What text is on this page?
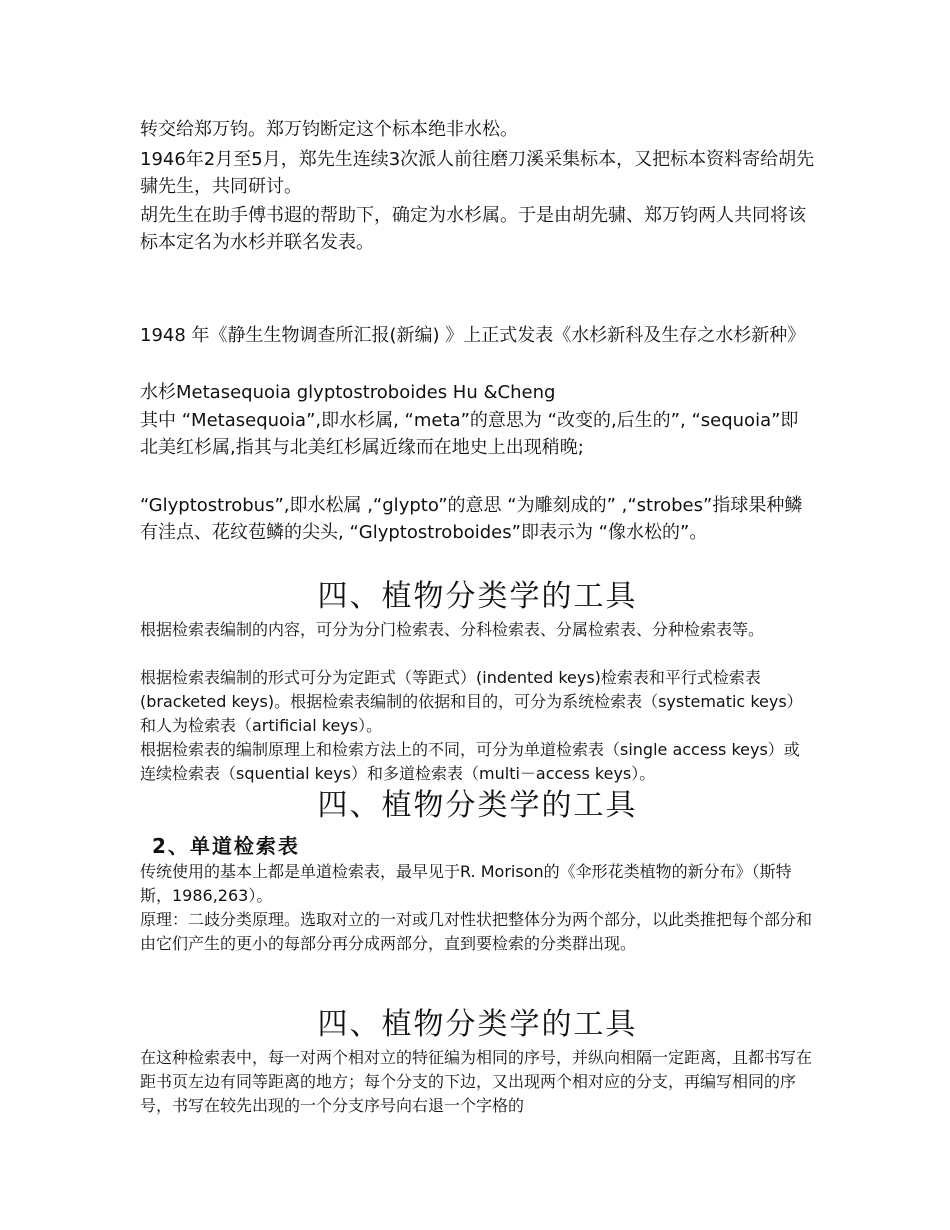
转交给郑万钧。郑万钧断定这个标本绝非水松。

1946年2月至5月，郑先生连续3次派人前往磨刀溪采集标本，又把标本资料寄给胡先骕先生，共同研讨。

胡先生在助手傅书遐的帮助下，确定为水杉属。于是由胡先骕、郑万钧两人共同将该标本定名为水杉并联名发表。

1948 年《静生生物调查所汇报(新编) 》上正式发表《水杉新科及生存之水杉新种》

水杉Metasequoia glyptostroboides Hu &Cheng

其中 “Metasequoia”,即水杉属, “meta”的意思为 “改变的,后生的”, “sequoia”即北美红杉属,指其与北美红杉属近缘而在地史上出现稍晚;

“Glyptostrobus”,即水松属 ,“glypto”的意思 “为雕刻成的” ,“strobes”指球果种鳞有洼点、花纹苞鳞的尖头, “Glyptostroboides”即表示为 “像水松的”。

四、植物分类学的工具

根据检索表编制的内容，可分为分门检索表、分科检索表、分属检索表、分种检索表等。

根据检索表编制的形式可分为定距式（等距式）(indented keys)检索表和平行式检索表(bracketed keys)。根据检索表编制的依据和目的，可分为系统检索表（systematic keys）和人为检索表（artificial keys）。

根据检索表的编制原理上和检索方法上的不同，可分为单道检索表（single access keys）或连续检索表（squential keys）和多道检索表（multi－access keys）。

四、植物分类学的工具
2、单道检索表

传统使用的基本上都是单道检索表，最早见于R. Morison的《伞形花类植物的新分布》（斯特斯，1986,263）。

原理：二歧分类原理。选取对立的一对或几对性状把整体分为两个部分，以此类推把每个部分和由它们产生的更小的每部分再分成两部分，直到要检索的分类群出现。

四、植物分类学的工具

在这种检索表中，每一对两个相对立的特征编为相同的序号，并纵向相隔一定距离，且都书写在距书页左边有同等距离的地方；每个分支的下边，又出现两个相对应的分支，再编写相同的序号，书写在较先出现的一个分支序号向右退一个字格的
